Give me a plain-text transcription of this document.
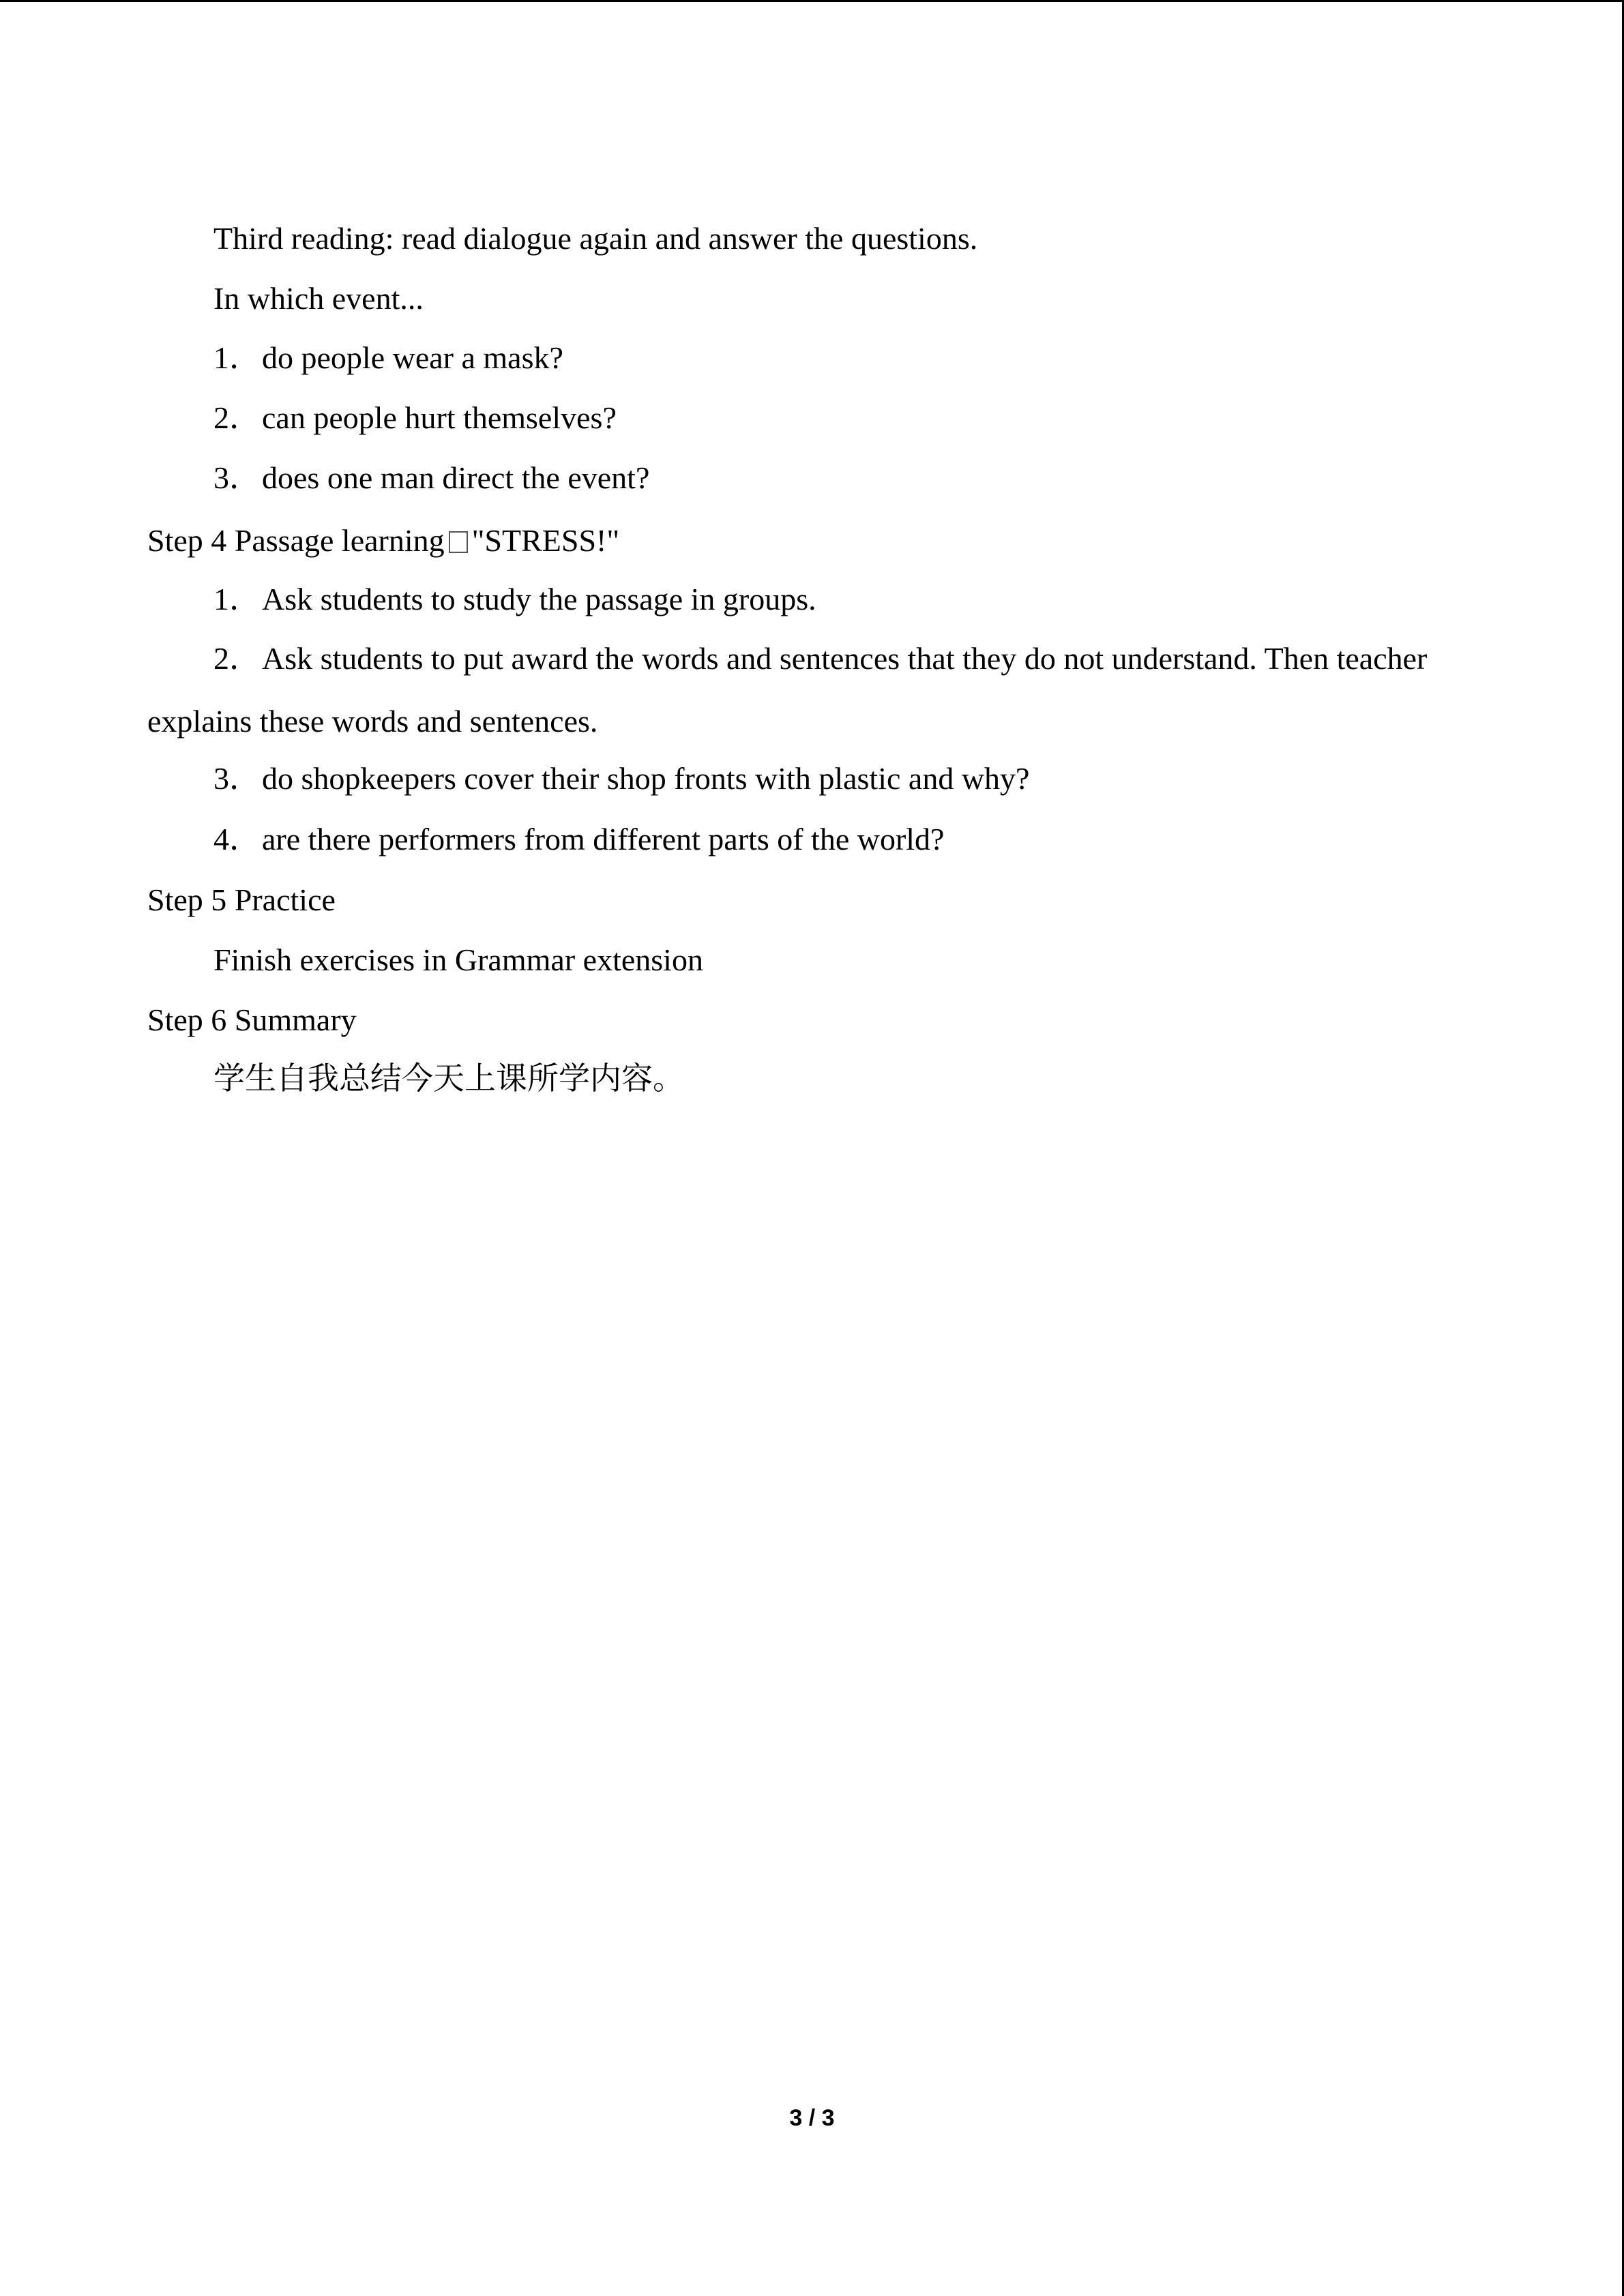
Third reading: read dialogue again and answer the questions.
In which event...
1．do people wear a mask?
2．can people hurt themselves?
3．does one man direct the event?
Step 4 Passage learning "STRESS!"
1．Ask students to study the passage in groups.
2．Ask students to put award the words and sentences that they do not understand. Then teacher
explains these words and sentences.
3．do shopkeepers cover their shop fronts with plastic and why?
4．are there performers from different parts of the world?
Step 5 Practice
Finish exercises in Grammar extension
Step 6 Summary
学生自我总结今天上课所学内容。
3 / 3
